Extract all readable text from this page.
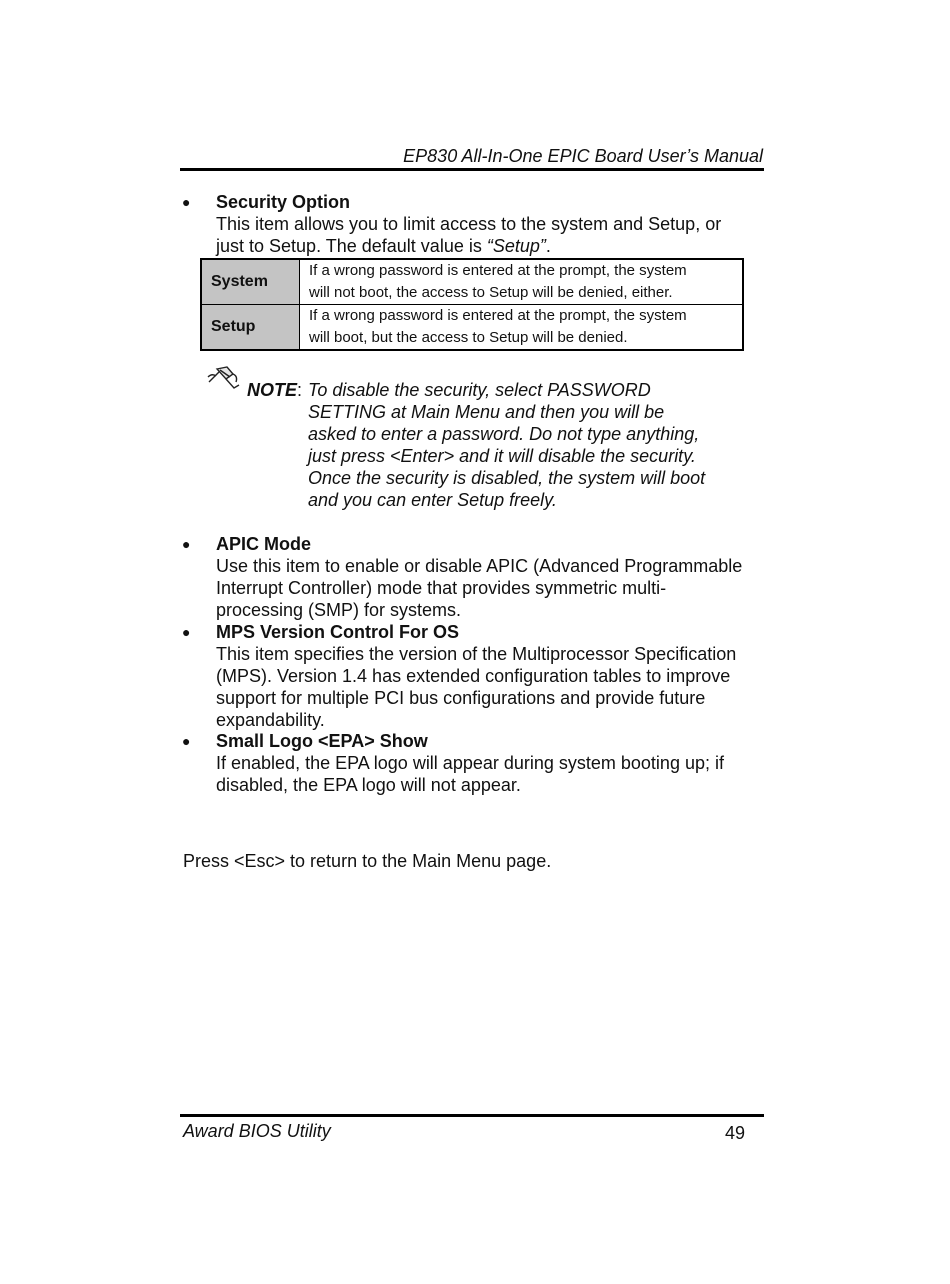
EP830 All-In-One EPIC Board User’s Manual
● Security Option
This item allows you to limit access to the system and Setup, or
just to Setup. The default value is “Setup”.
System	If a wrong password is entered at the prompt, the system
will not boot, the access to Setup will be denied, either.
Setup	If a wrong password is entered at the prompt, the system
will boot, but the access to Setup will be denied.
NOTE: To disable the security, select PASSWORD
SETTING at Main Menu and then you will be
asked to enter a password. Do not type anything,
just press <Enter> and it will disable the security.
Once the security is disabled, the system will boot
and you can enter Setup freely.
● APIC Mode
Use this item to enable or disable APIC (Advanced Programmable
Interrupt Controller) mode that provides symmetric multi-
processing (SMP) for systems.
● MPS Version Control For OS
This item specifies the version of the Multiprocessor Specification
(MPS). Version 1.4 has extended configuration tables to improve
support for multiple PCI bus configurations and provide future
expandability.
● Small Logo <EPA> Show
If enabled, the EPA logo will appear during system booting up; if
disabled, the EPA logo will not appear.
Press <Esc> to return to the Main Menu page.
Award BIOS Utility	49
